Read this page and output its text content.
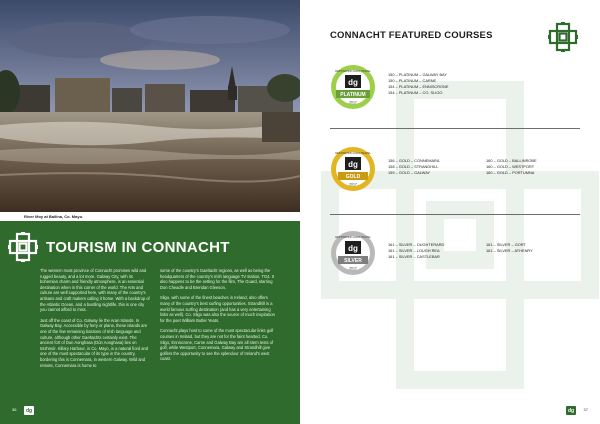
River Moy at Ballina, Co. Mayo.
TOURISM IN CONNACHT

The western most province of Connacht promises wild and rugged beauty, and a lot more. Galway City, with its bohemian charm and friendly atmosphere, is an essential destination when in this corner of the world. The Arts and culture are well supported here, with many of the country's artisans and craft makers calling it home. With a backdrop of the Atlantic Ocean, and a bustling nightlife, this is one city you cannot afford to miss.

Just off the coast of Co. Galway lie the Aran Islands. In Galway Bay. Accessible by ferry or plane, these islands are one of the few remaining bastions of Irish language and culture, although other Gaeltachts certainly exist. The ancient fort of Dun Aonghasa (Dún Aonghasa) lies on Inishmór. Killary Harbour, in Co. Mayo, is a natural fiord and one of the most spectacular of its type in the country, bordering this is Connemara, in western Galway. Wild and remote, Connemara is home to

some of the country's Gaeltacht regions, as well as being the headquarters of the country's Irish language TV station, TG4. It also happens to be the setting for the film, The Guard, starring Don Cheadle and Brendan Gleeson.

Sligo, with some of the finest beaches in Ireland, also offers many of the country's best surfing opportunities. Strandhill is a world famous surfing destination (and has a very entertaining links as well). Co. Sligo was also the source of much inspiration for the poet William Butler Yeats.

Connacht plays host to some of the most spectacular links golf courses in Ireland, but they are not for the faint hearted. Co. Sligo, Enniscrone, Carne and Galway Bay are all stern tests of golf, while Westport, Connemara, Galway and Strandhill give golfers the opportunity to see the splendour of Ireland's west coast.

36	dg
CONNACHT FEATURED COURSES
dg
PLATINUM
2017
DESTINATION GOLF TRAVEL
150 – PLATINUM – GALWAY BAY
150 – PLATINUM – CARNE
154 – PLATINUM – ENNISCRONE
154 – PLATINUM – CO. SLIGO
dg
GOLD
2017
DESTINATION GOLF TRAVEL
156 – GOLD – CONNEMARA
158 – GOLD – STRANDHILL
159 – GOLD – GALWAY
160 – GOLD – BALLINROBE
160 – GOLD – WESTPORT
160 – GOLD – PORTUMNA
dg
SILVER
2017
DESTINATION GOLF TRAVEL
161 – SILVER – OUGHTERARD
161 – SILVER – LOUGH REA
161 – SILVER – CASTLEBAR
161 – SILVER – GORT
161 – SILVER – ATHENRY
dg	37
